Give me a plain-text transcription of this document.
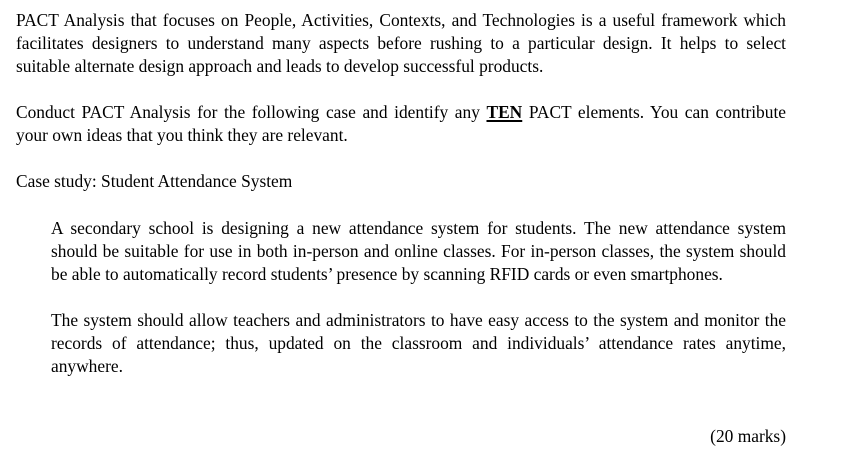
PACT Analysis that focuses on People, Activities, Contexts, and Technologies is a useful framework which facilitates designers to understand many aspects before rushing to a particular design. It helps to select suitable alternate design approach and leads to develop successful products.

Conduct PACT Analysis for the following case and identify any TEN PACT elements. You can contribute your own ideas that you think they are relevant.

Case study: Student Attendance System

A secondary school is designing a new attendance system for students. The new attendance system should be suitable for use in both in-person and online classes. For in-person classes, the system should be able to automatically record students’ presence by scanning RFID cards or even smartphones.

The system should allow teachers and administrators to have easy access to the system and monitor the records of attendance; thus, updated on the classroom and individuals’ attendance rates anytime, anywhere.

(20 marks)
